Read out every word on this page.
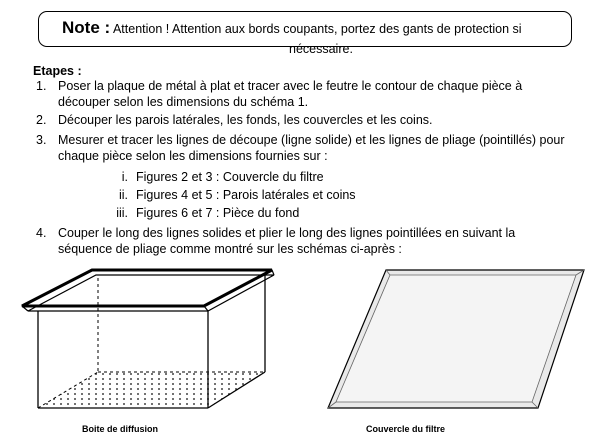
Note : Attention ! Attention aux bords coupants, portez des gants de protection si
nécessaire.
Etapes :
1. Poser la plaque de métal à plat et tracer avec le feutre le contour de chaque pièce à découper selon les dimensions du schéma 1.
2. Découper les parois latérales, les fonds, les couvercles et les coins.
3. Mesurer et tracer les lignes de découpe (ligne solide) et les lignes de pliage (pointillés) pour chaque pièce selon les dimensions fournies sur :
i. Figures 2 et 3 : Couvercle du filtre
ii. Figures 4 et 5 : Parois latérales et coins
iii. Figures 6 et 7 : Pièce du fond
4. Couper le long des lignes solides et plier le long des lignes pointillées en suivant la séquence de pliage comme montré sur les schémas ci-après :
Boite de diffusion	Couvercle du filtre
